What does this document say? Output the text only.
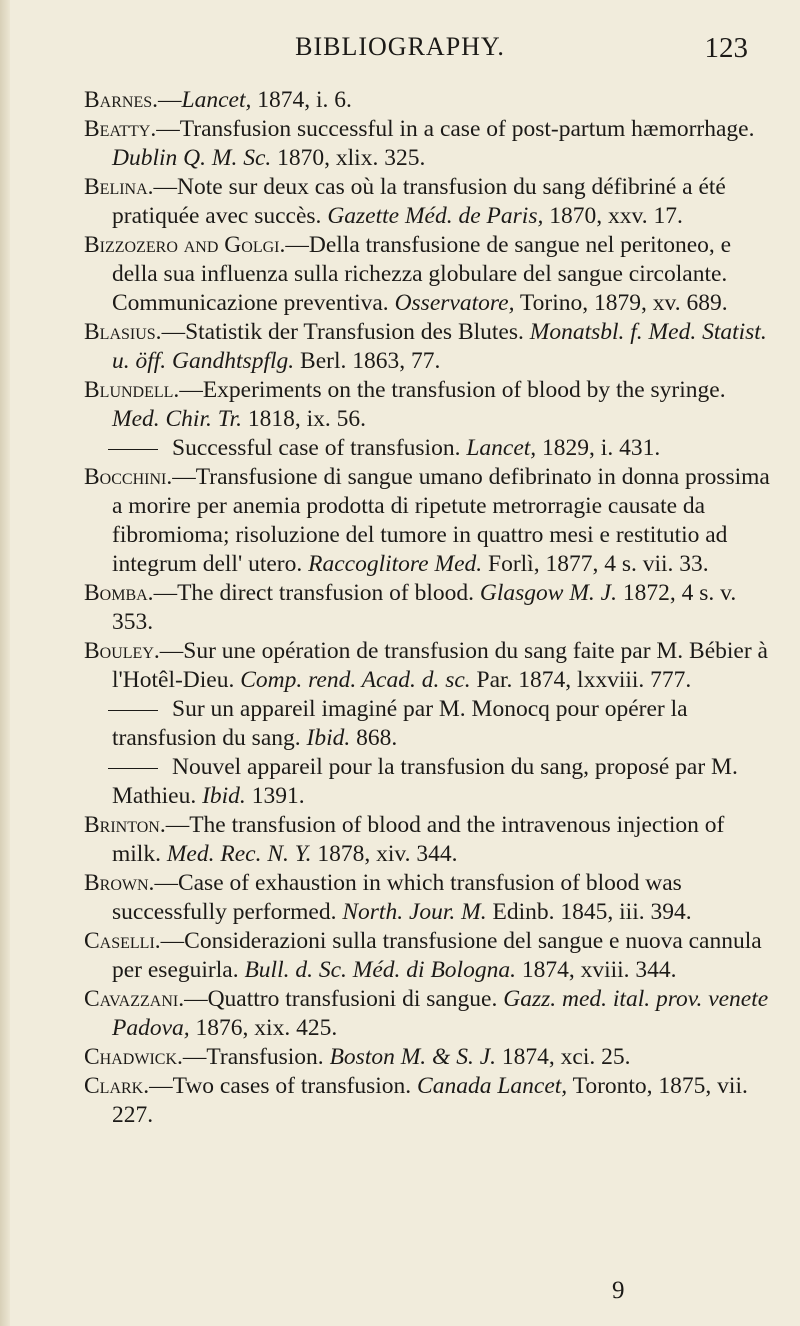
BIBLIOGRAPHY.	123

Barnes.—Lancet, 1874, i. 6.

Beatty.—Transfusion successful in a case of post-partum hæmorrhage. Dublin Q. M. Sc. 1870, xlix. 325.

Belina.—Note sur deux cas où la transfusion du sang défibriné a été pratiquée avec succès. Gazette Méd. de Paris, 1870, xxv. 17.

Bizzozero and Golgi.—Della transfusione de sangue nel peritoneo, e della sua influenza sulla richezza globulare del sangue circolante. Communicazione preventiva. Osservatore, Torino, 1879, xv. 689.

Blasius.—Statistik der Transfusion des Blutes. Monatsbl. f. Med. Statist. u. öff. Gandhtspflg. Berl. 1863, 77.

Blundell.—Experiments on the transfusion of blood by the syringe. Med. Chir. Tr. 1818, ix. 56.

Successful case of transfusion. Lancet, 1829, i. 431.

Bocchini.—Transfusione di sangue umano defibrinato in donna prossima a morire per anemia prodotta di ripetute metrorragie causate da fibromioma; risoluzione del tumore in quattro mesi e restitutio ad integrum dell' utero. Raccoglitore Med. Forlì, 1877, 4 s. vii. 33.

Bomba.—The direct transfusion of blood. Glasgow M. J. 1872, 4 s. v. 353.

Bouley.—Sur une opération de transfusion du sang faite par M. Bébier à l'Hotêl-Dieu. Comp. rend. Acad. d. sc. Par. 1874, lxxviii. 777.

Sur un appareil imaginé par M. Monocq pour opérer la transfusion du sang. Ibid. 868.

Nouvel appareil pour la transfusion du sang, proposé par M. Mathieu. Ibid. 1391.

Brinton.—The transfusion of blood and the intravenous injection of milk. Med. Rec. N. Y. 1878, xiv. 344.

Brown.—Case of exhaustion in which transfusion of blood was successfully performed. North. Jour. M. Edinb. 1845, iii. 394.

Caselli.—Considerazioni sulla transfusione del sangue e nuova cannula per eseguirla. Bull. d. Sc. Méd. di Bologna. 1874, xviii. 344.

Cavazzani.—Quattro transfusioni di sangue. Gazz. med. ital. prov. venete Padova, 1876, xix. 425.

Chadwick.—Transfusion. Boston M. & S. J. 1874, xci. 25.

Clark.—Two cases of transfusion. Canada Lancet, Toronto, 1875, vii. 227.

9
